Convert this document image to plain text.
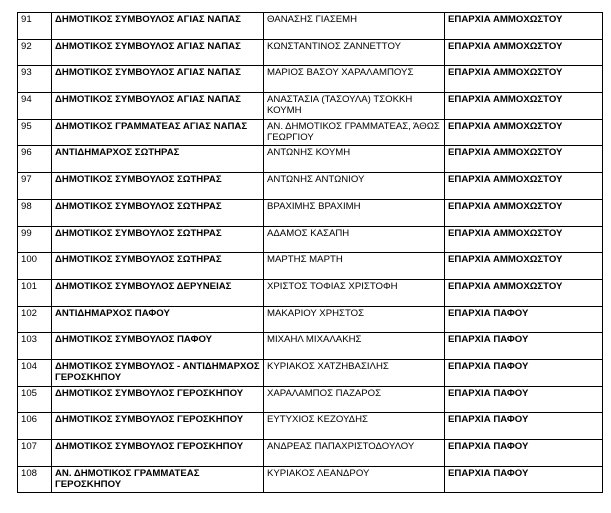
91	ΔΗΜΟΤΙΚΟΣ ΣΥΜΒΟΥΛΟΣ ΑΓΙΑΣ ΝΑΠΑΣ	ΘΑΝΑΣΗΣ ΓΙΑΣΕΜΗ	ΕΠΑΡΧΙΑ ΑΜΜΟΧΩΣΤΟΥ
92	ΔΗΜΟΤΙΚΟΣ ΣΥΜΒΟΥΛΟΣ ΑΓΙΑΣ ΝΑΠΑΣ	ΚΩΝΣΤΑΝΤΙΝΟΣ ΖΑΝΝΕΤΤΟΥ	ΕΠΑΡΧΙΑ ΑΜΜΟΧΩΣΤΟΥ
93	ΔΗΜΟΤΙΚΟΣ ΣΥΜΒΟΥΛΟΣ ΑΓΙΑΣ ΝΑΠΑΣ	ΜΑΡΙΟΣ ΒΑΣΟΥ ΧΑΡΑΛΑΜΠΟΥΣ	ΕΠΑΡΧΙΑ ΑΜΜΟΧΩΣΤΟΥ
94	ΔΗΜΟΤΙΚΟΣ ΣΥΜΒΟΥΛΟΣ ΑΓΙΑΣ ΝΑΠΑΣ	ΑΝΑΣΤΑΣΙΑ (ΤΑΣΟΥΛΑ) ΤΣΟΚΚΗ ΚΟΥΜΗ	ΕΠΑΡΧΙΑ ΑΜΜΟΧΩΣΤΟΥ
95	ΔΗΜΟΤΙΚΟΣ ΓΡΑΜΜΑΤΕΑΣ ΑΓΙΑΣ ΝΑΠΑΣ	ΑΝ. ΔΗΜΟΤΙΚΟΣ ΓΡΑΜΜΑΤΕΑΣ, ΆΘΩΣ ΓΕΩΡΓΙΟΥ	ΕΠΑΡΧΙΑ ΑΜΜΟΧΩΣΤΟΥ
96	ΑΝΤΙΔΗΜΑΡΧΟΣ ΣΩΤΗΡΑΣ	ΑΝΤΩΝΗΣ ΚΟΥΜΗ	ΕΠΑΡΧΙΑ ΑΜΜΟΧΩΣΤΟΥ
97	ΔΗΜΟΤΙΚΟΣ ΣΥΜΒΟΥΛΟΣ ΣΩΤΗΡΑΣ	ΑΝΤΩΝΗΣ ΑΝΤΩΝΙΟΥ	ΕΠΑΡΧΙΑ ΑΜΜΟΧΩΣΤΟΥ
98	ΔΗΜΟΤΙΚΟΣ ΣΥΜΒΟΥΛΟΣ ΣΩΤΗΡΑΣ	ΒΡΑΧΙΜΗΣ ΒΡΑΧΙΜΗ	ΕΠΑΡΧΙΑ ΑΜΜΟΧΩΣΤΟΥ
99	ΔΗΜΟΤΙΚΟΣ ΣΥΜΒΟΥΛΟΣ ΣΩΤΗΡΑΣ	ΑΔΑΜΟΣ ΚΑΣΑΠΗ	ΕΠΑΡΧΙΑ ΑΜΜΟΧΩΣΤΟΥ
100	ΔΗΜΟΤΙΚΟΣ ΣΥΜΒΟΥΛΟΣ ΣΩΤΗΡΑΣ	ΜΑΡΤΗΣ ΜΑΡΤΗ	ΕΠΑΡΧΙΑ ΑΜΜΟΧΩΣΤΟΥ
101	ΔΗΜΟΤΙΚΟΣ ΣΥΜΒΟΥΛΟΣ ΔΕΡΥΝΕΙΑΣ	ΧΡΙΣΤΟΣ ΤΟΦΙΑΣ ΧΡΙΣΤΟΦΗ	ΕΠΑΡΧΙΑ ΑΜΜΟΧΩΣΤΟΥ
102	ΑΝΤΙΔΗΜΑΡΧΟΣ ΠΑΦΟΥ	ΜΑΚΑΡΙΟΥ ΧΡΗΣΤΟΣ	ΕΠΑΡΧΙΑ ΠΑΦΟΥ
103	ΔΗΜΟΤΙΚΟΣ ΣΥΜΒΟΥΛΟΣ ΠΑΦΟΥ	ΜΙΧΑΗΛ ΜΙΧΑΛΑΚΗΣ	ΕΠΑΡΧΙΑ ΠΑΦΟΥ
104	ΔΗΜΟΤΙΚΟΣ ΣΥΜΒΟΥΛΟΣ - ΑΝΤΙΔΗΜΑΡΧΟΣ ΓΕΡΟΣΚΗΠΟΥ	ΚΥΡΙΑΚΟΣ ΧΑΤΖΗΒΑΣΙΛΗΣ	ΕΠΑΡΧΙΑ ΠΑΦΟΥ
105	ΔΗΜΟΤΙΚΟΣ ΣΥΜΒΟΥΛΟΣ ΓΕΡΟΣΚΗΠΟΥ	ΧΑΡΑΛΑΜΠΟΣ ΠΑΖΑΡΟΣ	ΕΠΑΡΧΙΑ ΠΑΦΟΥ
106	ΔΗΜΟΤΙΚΟΣ ΣΥΜΒΟΥΛΟΣ ΓΕΡΟΣΚΗΠΟΥ	ΕΥΤΥΧΙΟΣ ΚΕΖΟΥΔΗΣ	ΕΠΑΡΧΙΑ ΠΑΦΟΥ
107	ΔΗΜΟΤΙΚΟΣ ΣΥΜΒΟΥΛΟΣ ΓΕΡΟΣΚΗΠΟΥ	ΑΝΔΡΕΑΣ ΠΑΠΑΧΡΙΣΤΟΔΟΥΛΟΥ	ΕΠΑΡΧΙΑ ΠΑΦΟΥ
108	ΑΝ. ΔΗΜΟΤΙΚΟΣ ΓΡΑΜΜΑΤΕΑΣ ΓΕΡΟΣΚΗΠΟΥ	ΚΥΡΙΑΚΟΣ ΛΕΑΝΔΡΟΥ	ΕΠΑΡΧΙΑ ΠΑΦΟΥ
